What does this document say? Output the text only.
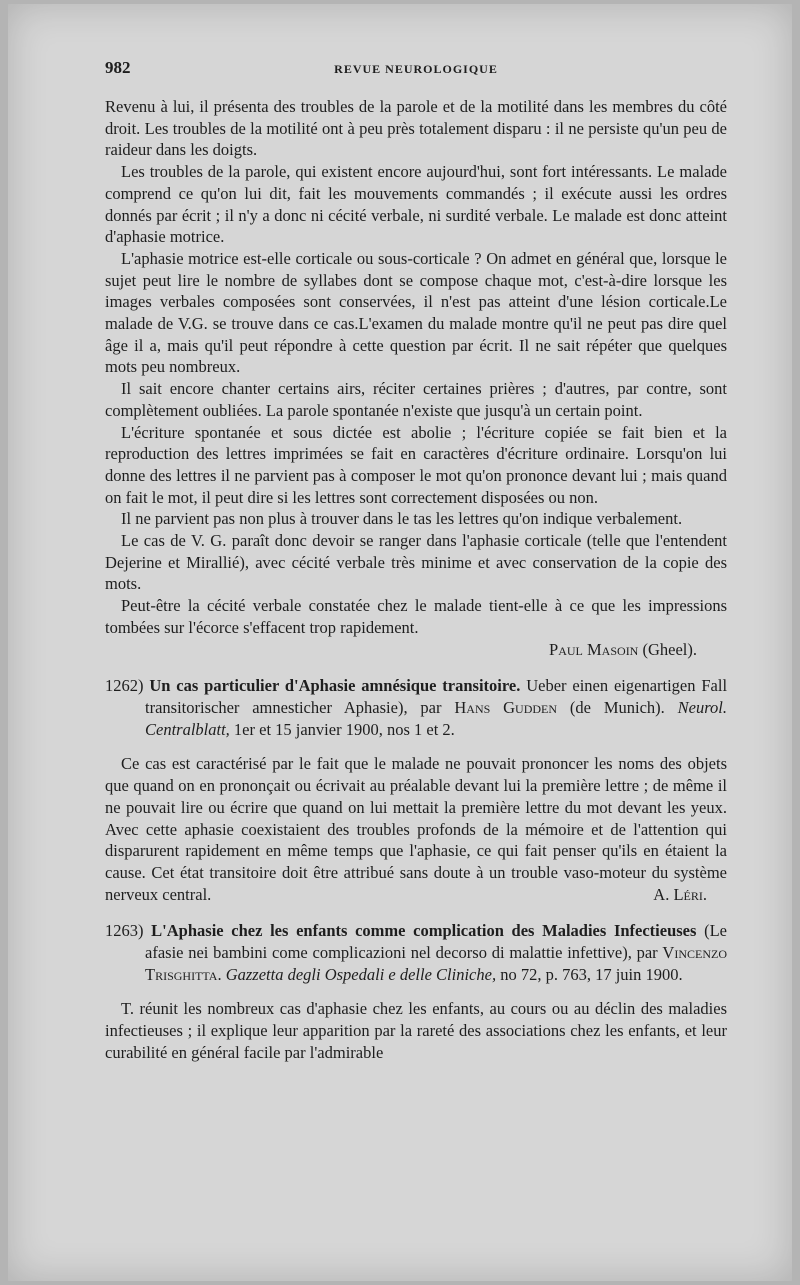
982	REVUE NEUROLOGIQUE

Revenu à lui, il présenta des troubles de la parole et de la motilité dans les membres du côté droit. Les troubles de la motilité ont à peu près totalement disparu : il ne persiste qu'un peu de raideur dans les doigts.

Les troubles de la parole, qui existent encore aujourd'hui, sont fort intéressants. Le malade comprend ce qu'on lui dit, fait les mouvements commandés ; il exécute aussi les ordres donnés par écrit ; il n'y a donc ni cécité verbale, ni surdité verbale. Le malade est donc atteint d'aphasie motrice.

L'aphasie motrice est-elle corticale ou sous-corticale ? On admet en général que, lorsque le sujet peut lire le nombre de syllabes dont se compose chaque mot, c'est-à-dire lorsque les images verbales composées sont conservées, il n'est pas atteint d'une lésion corticale.Le malade de V.G. se trouve dans ce cas.L'examen du malade montre qu'il ne peut pas dire quel âge il a, mais qu'il peut répondre à cette question par écrit. Il ne sait répéter que quelques mots peu nombreux.

Il sait encore chanter certains airs, réciter certaines prières ; d'autres, par contre, sont complètement oubliées. La parole spontanée n'existe que jusqu'à un certain point.

L'écriture spontanée et sous dictée est abolie ; l'écriture copiée se fait bien et la reproduction des lettres imprimées se fait en caractères d'écriture ordinaire. Lorsqu'on lui donne des lettres il ne parvient pas à composer le mot qu'on prononce devant lui ; mais quand on fait le mot, il peut dire si les lettres sont correctement disposées ou non.

Il ne parvient pas non plus à trouver dans le tas les lettres qu'on indique verbalement.

Le cas de V. G. paraît donc devoir se ranger dans l'aphasie corticale (telle que l'entendent Dejerine et Mirallié), avec cécité verbale très minime et avec conservation de la copie des mots.

Peut-être la cécité verbale constatée chez le malade tient-elle à ce que les impressions tombées sur l'écorce s'effacent trop rapidement.

Paul Masoin (Gheel).

1262) Un cas particulier d'Aphasie amnésique transitoire. Ueber einen eigenartigen Fall transitorischer amnesticher Aphasie), par Hans Gudden (de Munich). Neurol. Centralblatt, 1er et 15 janvier 1900, nos 1 et 2.

Ce cas est caractérisé par le fait que le malade ne pouvait prononcer les noms des objets que quand on en prononçait ou écrivait au préalable devant lui la première lettre ; de même il ne pouvait lire ou écrire que quand on lui mettait la première lettre du mot devant les yeux. Avec cette aphasie coexistaient des troubles profonds de la mémoire et de l'attention qui disparurent rapidement en même temps que l'aphasie, ce qui fait penser qu'ils en étaient la cause. Cet état transitoire doit être attribué sans doute à un trouble vaso-moteur du système nerveux central.	A. Léri.

1263) L'Aphasie chez les enfants comme complication des Maladies Infectieuses (Le afasie nei bambini come complicazioni nel decorso di malattie infettive), par Vincenzo Trisghitta. Gazzetta degli Ospedali e delle Cliniche, no 72, p. 763, 17 juin 1900.

T. réunit les nombreux cas d'aphasie chez les enfants, au cours ou au déclin des maladies infectieuses ; il explique leur apparition par la rareté des associations chez les enfants, et leur curabilité en général facile par l'admirable
